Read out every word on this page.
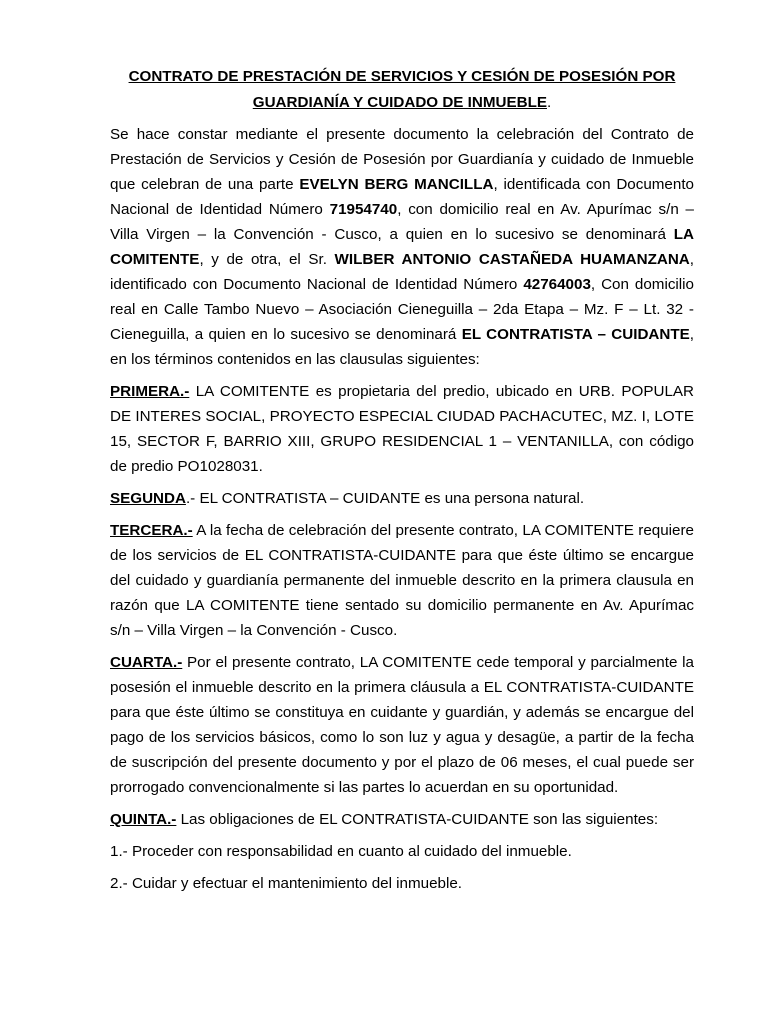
CONTRATO DE PRESTACIÓN DE SERVICIOS Y CESIÓN DE POSESIÓN POR
GUARDIANÍA Y CUIDADO DE INMUEBLE.

Se hace constar mediante el presente documento la celebración del Contrato de Prestación de Servicios y Cesión de Posesión por Guardianía y cuidado de Inmueble que celebran de una parte EVELYN BERG MANCILLA, identificada con Documento Nacional de Identidad Número 71954740, con domicilio real en Av. Apurímac s/n – Villa Virgen – la Convención - Cusco, a quien en lo sucesivo se denominará LA COMITENTE, y de otra, el Sr. WILBER ANTONIO CASTAÑEDA HUAMANZANA, identificado con Documento Nacional de Identidad Número 42764003, Con domicilio real en Calle Tambo Nuevo – Asociación Cieneguilla – 2da Etapa – Mz. F – Lt. 32 - Cieneguilla, a quien en lo sucesivo se denominará EL CONTRATISTA – CUIDANTE, en los términos contenidos en las clausulas siguientes:

PRIMERA.- LA COMITENTE es propietaria del predio, ubicado en URB. POPULAR DE INTERES SOCIAL, PROYECTO ESPECIAL CIUDAD PACHACUTEC, MZ. I, LOTE 15, SECTOR F, BARRIO XIII, GRUPO RESIDENCIAL 1 – VENTANILLA, con código de predio PO1028031.

SEGUNDA.- EL CONTRATISTA – CUIDANTE es una persona natural.

TERCERA.- A la fecha de celebración del presente contrato, LA COMITENTE requiere de los servicios de EL CONTRATISTA-CUIDANTE para que éste último se encargue del cuidado y guardianía permanente del inmueble descrito en la primera clausula en razón que LA COMITENTE tiene sentado su domicilio permanente en Av. Apurímac s/n – Villa Virgen – la Convención - Cusco.

CUARTA.- Por el presente contrato, LA COMITENTE cede temporal y parcialmente la posesión el inmueble descrito en la primera cláusula a EL CONTRATISTA-CUIDANTE para que éste último se constituya en cuidante y guardián, y además se encargue del pago de los servicios básicos, como lo son luz y agua y desagüe, a partir de la fecha de suscripción del presente documento y por el plazo de 06 meses, el cual puede ser prorrogado convencionalmente si las partes lo acuerdan en su oportunidad.

QUINTA.- Las obligaciones de EL CONTRATISTA-CUIDANTE son las siguientes:

1.- Proceder con responsabilidad en cuanto al cuidado del inmueble.

2.- Cuidar y efectuar el mantenimiento del inmueble.
